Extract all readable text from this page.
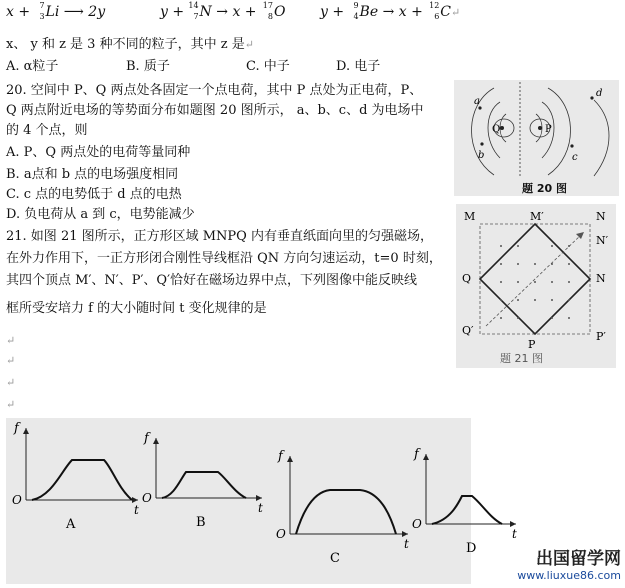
x + 7
3 Li ⟶ 2y	y + 14
7 N → x + 17
8 O y + 9
4 Be → x + 12
6 C↵
x、 y 和 z 是 3 种不同的粒子，其中 z 是↵
A. α粒子	B. 质子	C. 中子	D. 电子
20. 空间中 P、Q 两点处各固定一个点电荷，其中 P 点处为正电荷，P、
Q 两点附近电场的等势面分布如题图 20 图所示， a、b、c、d 为电场中
的 4 个点，则
A. P、Q 两点处的电荷等量同种
B. a点和 b 点的电场强度相同
C. c 点的电势低于 d 点的电热
D. 负电荷从 a 到 c，电势能减少
21. 如图 21 图所示，正方形区域 MNPQ 内有垂直纸面向里的匀强磁场，
在外力作用下，一正方形闭合刚性导线框沿 QN 方向匀速运动，t=0 时刻，
其四个顶点 M′、N′、P′、Q′恰好在磁场边界中点，下列图像中能反映线
框所受安培力 f 的大小随时间 t 变化规律的是
↵
↵
↵
↵
a
b	c
d
Q	P
题 20 图
M	M′	N
N′
Q	N
Q′
P
P′
题 21 图
O
f
t
A
O
f
t
B
O
f
t
C
O
f
t
D
出国留学网
www.liuxue86.com
